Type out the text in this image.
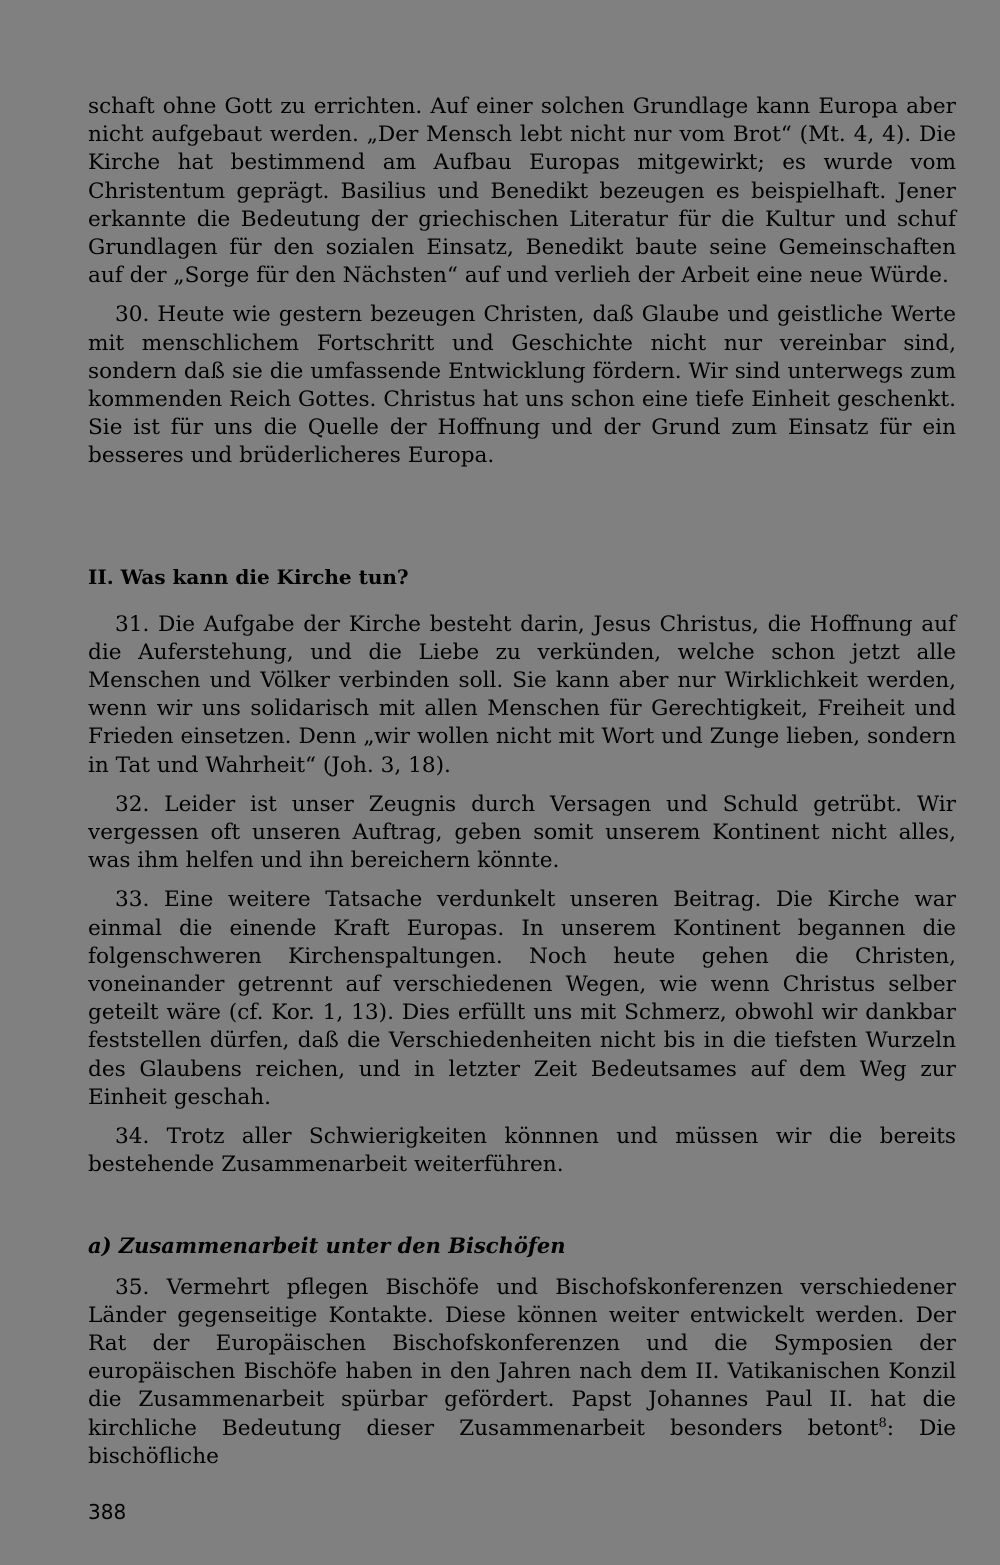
schaft ohne Gott zu errichten. Auf einer solchen Grundlage kann Europa aber nicht aufgebaut werden. „Der Mensch lebt nicht nur vom Brot“ (Mt. 4, 4). Die Kirche hat bestimmend am Aufbau Europas mitgewirkt; es wurde vom Christentum geprägt. Basilius und Benedikt bezeugen es beispielhaft. Jener erkannte die Bedeutung der griechischen Literatur für die Kultur und schuf Grundlagen für den sozialen Einsatz, Benedikt baute seine Gemeinschaften auf der „Sorge für den Nächsten“ auf und verlieh der Arbeit eine neue Würde.

30. Heute wie gestern bezeugen Christen, daß Glaube und geistliche Werte mit menschlichem Fortschritt und Geschichte nicht nur vereinbar sind, sondern daß sie die umfassende Entwicklung fördern. Wir sind unterwegs zum kommenden Reich Gottes. Christus hat uns schon eine tiefe Einheit geschenkt. Sie ist für uns die Quelle der Hoffnung und der Grund zum Einsatz für ein besseres und brüderlicheres Europa.

II. Was kann die Kirche tun?

31. Die Aufgabe der Kirche besteht darin, Jesus Christus, die Hoffnung auf die Auferstehung, und die Liebe zu verkünden, welche schon jetzt alle Menschen und Völker verbinden soll. Sie kann aber nur Wirklichkeit werden, wenn wir uns solidarisch mit allen Menschen für Gerechtigkeit, Freiheit und Frieden einsetzen. Denn „wir wollen nicht mit Wort und Zunge lieben, sondern in Tat und Wahrheit“ (Joh. 3, 18).

32. Leider ist unser Zeugnis durch Versagen und Schuld getrübt. Wir vergessen oft unseren Auftrag, geben somit unserem Kontinent nicht alles, was ihm helfen und ihn bereichern könnte.

33. Eine weitere Tatsache verdunkelt unseren Beitrag. Die Kirche war einmal die einende Kraft Europas. In unserem Kontinent begannen die folgenschweren Kirchenspaltungen. Noch heute gehen die Christen, voneinander getrennt auf verschiedenen Wegen, wie wenn Christus selber geteilt wäre (cf. Kor. 1, 13). Dies erfüllt uns mit Schmerz, obwohl wir dankbar feststellen dürfen, daß die Verschiedenheiten nicht bis in die tiefsten Wurzeln des Glaubens reichen, und in letzter Zeit Bedeutsames auf dem Weg zur Einheit geschah.

34. Trotz aller Schwierigkeiten könnnen und müssen wir die bereits bestehende Zusammenarbeit weiterführen.

a) Zusammenarbeit unter den Bischöfen

35. Vermehrt pflegen Bischöfe und Bischofskonferenzen verschiedener Länder gegenseitige Kontakte. Diese können weiter entwickelt werden. Der Rat der Europäischen Bischofskonferenzen und die Symposien der europäischen Bischöfe haben in den Jahren nach dem II. Vatikanischen Konzil die Zusammenarbeit spürbar gefördert. Papst Johannes Paul II. hat die kirchliche Bedeutung dieser Zusammenarbeit besonders betont$^8$: Die bischöfliche

388
